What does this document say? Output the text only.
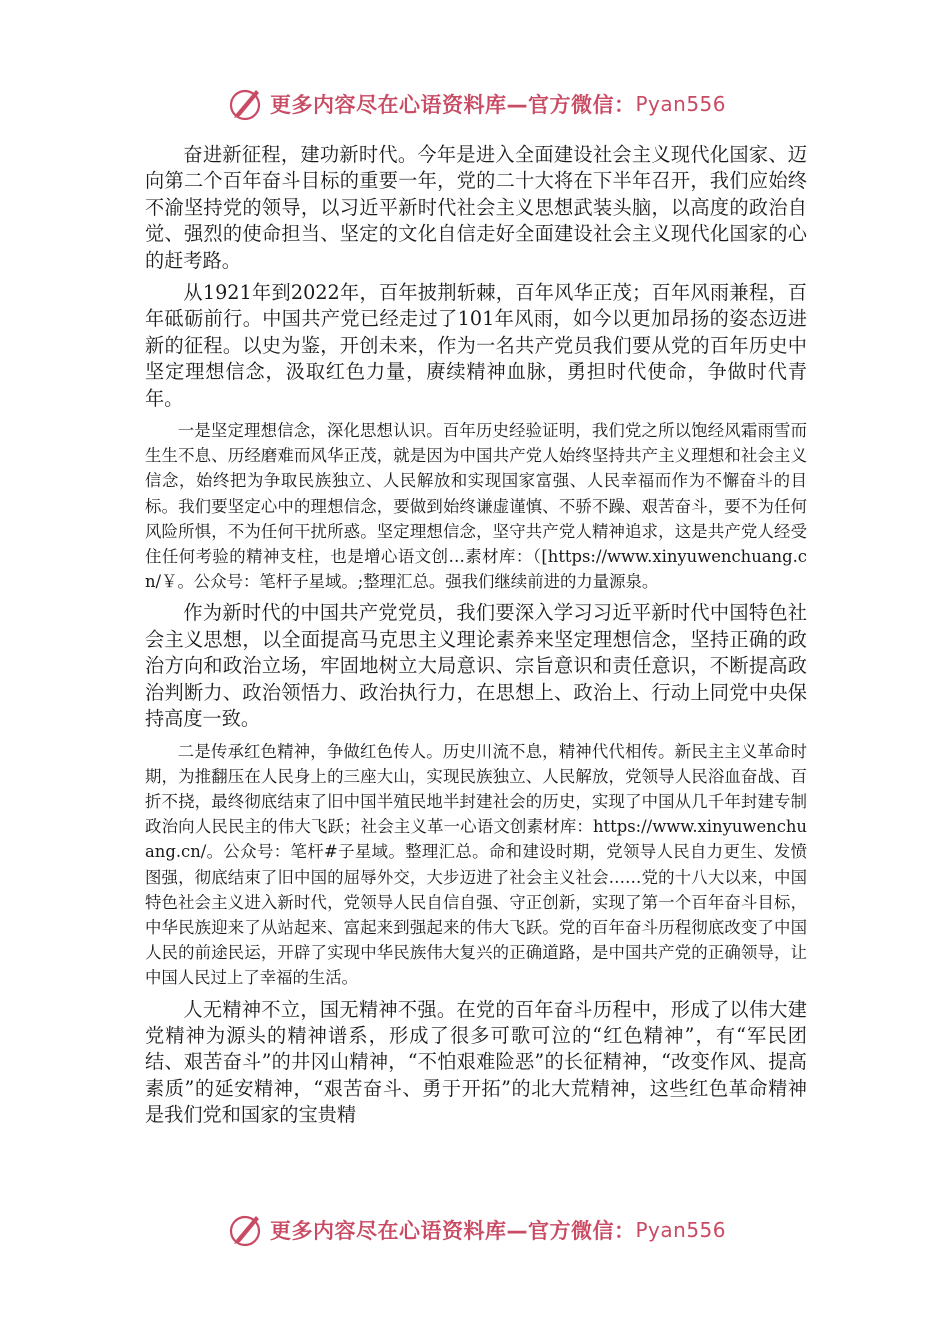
更多内容尽在心语资料库—官方微信： Pyan556

奋进新征程，建功新时代。今年是进入全面建设社会主义现代化国家、迈向第二个百年奋斗目标的重要一年，党的二十大将在下半年召开，我们应始终不渝坚持党的领导，以习近平新时代社会主义思想武装头脑，以高度的政治自觉、强烈的使命担当、坚定的文化自信走好全面建设社会主义现代化国家的心的赶考路。

从1921年到2022年，百年披荆斩棘，百年风华正茂；百年风雨兼程，百年砥砺前行。中国共产党已经走过了101年风雨，如今以更加昂扬的姿态迈进新的征程。以史为鉴，开创未来，作为一名共产党员我们要从党的百年历史中坚定理想信念，汲取红色力量，赓续精神血脉，勇担时代使命，争做时代青年。

一是坚定理想信念，深化思想认识。百年历史经验证明，我们党之所以饱经风霜雨雪而生生不息、历经磨难而风华正茂，就是因为中国共产党人始终坚持共产主义理想和社会主义信念，始终把为争取民族独立、人民解放和实现国家富强、人民幸福而作为不懈奋斗的目标。我们要坚定心中的理想信念，要做到始终谦虚谨慎、不骄不躁、艰苦奋斗，要不为任何风险所惧，不为任何干扰所惑。坚定理想信念，坚守共产党人精神追求，这是共产党人经受住任何考验的精神支柱，也是增心语文创…素材库：（[https://www.xinyuwenchuang.cn/￥。公众号：笔杆子星域。;整理汇总。强我们继续前进的力量源泉。

作为新时代的中国共产党党员，我们要深入学习习近平新时代中国特色社会主义思想，以全面提高马克思主义理论素养来坚定理想信念，坚持正确的政治方向和政治立场，牢固地树立大局意识、宗旨意识和责任意识，不断提高政治判断力、政治领悟力、政治执行力，在思想上、政治上、行动上同党中央保持高度一致。

二是传承红色精神，争做红色传人。历史川流不息，精神代代相传。新民主主义革命时期，为推翻压在人民身上的三座大山，实现民族独立、人民解放，党领导人民浴血奋战、百折不挠，最终彻底结束了旧中国半殖民地半封建社会的历史，实现了中国从几千年封建专制政治向人民民主的伟大飞跃；社会主义革一心语文创素材库：https://www.xinyuwenchuang.cn/。公众号：笔杆#子星域。整理汇总。命和建设时期，党领导人民自力更生、发愤图强，彻底结束了旧中国的屈辱外交，大步迈进了社会主义社会……党的十八大以来，中国特色社会主义进入新时代，党领导人民自信自强、守正创新，实现了第一个百年奋斗目标，中华民族迎来了从站起来、富起来到强起来的伟大飞跃。党的百年奋斗历程彻底改变了中国人民的前途民运，开辟了实现中华民族伟大复兴的正确道路，是中国共产党的正确领导，让中国人民过上了幸福的生活。

人无精神不立，国无精神不强。在党的百年奋斗历程中，形成了以伟大建党精神为源头的精神谱系，形成了很多可歌可泣的“红色精神”，有“军民团结、艰苦奋斗”的井冈山精神，“不怕艰难险恶”的长征精神，“改变作风、提高素质”的延安精神，“艰苦奋斗、勇于开拓”的北大荒精神，这些红色革命精神是我们党和国家的宝贵精

更多内容尽在心语资料库—官方微信： Pyan556
